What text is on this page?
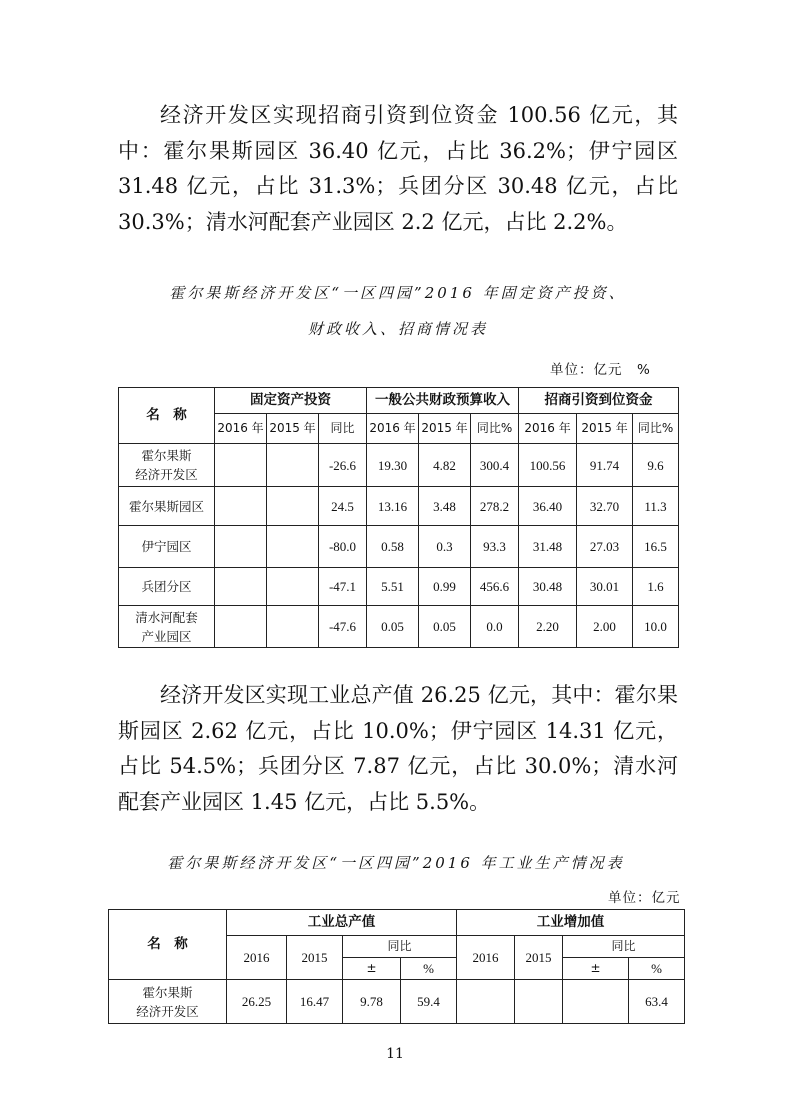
经济开发区实现招商引资到位资金 100.56 亿元，其中：霍尔果斯园区 36.40 亿元，占比 36.2%；伊宁园区 31.48 亿元，占比 31.3%；兵团分区 30.48 亿元，占比 30.3%；清水河配套产业园区 2.2 亿元，占比 2.2%。

霍尔果斯经济开发区“一区四园”2016 年固定资产投资、
财政收入、招商情况表
单位：亿元　%
名　称	固定资产投资			一般公共财政预算收入			招商引资到位资金		
	2016 年	2015 年	同比	2016 年	2015 年	同比%	2016 年	2015 年	同比%
霍尔果斯
经济开发区			-26.6	19.30	4.82	300.4	100.56	91.74	9.6
霍尔果斯园区			24.5	13.16	3.48	278.2	36.40	32.70	11.3
伊宁园区			-80.0	0.58	0.3	93.3	31.48	27.03	16.5
兵团分区			-47.1	5.51	0.99	456.6	30.48	30.01	1.6
清水河配套
产业园区			-47.6	0.05	0.05	0.0	2.20	2.00	10.0

经济开发区实现工业总产值 26.25 亿元，其中：霍尔果斯园区 2.62 亿元，占比 10.0%；伊宁园区 14.31 亿元，占比 54.5%；兵团分区 7.87 亿元，占比 30.0%；清水河配套产业园区 1.45 亿元，占比 5.5%。

霍尔果斯经济开发区“一区四园”2016 年工业生产情况表
单位：亿元
名　称	工业总产值				工业增加值			
	2016	2015	同比		2016	2015	同比	
			±	%			±	%
霍尔果斯
经济开发区	26.25	16.47	9.78	59.4				63.4
11
